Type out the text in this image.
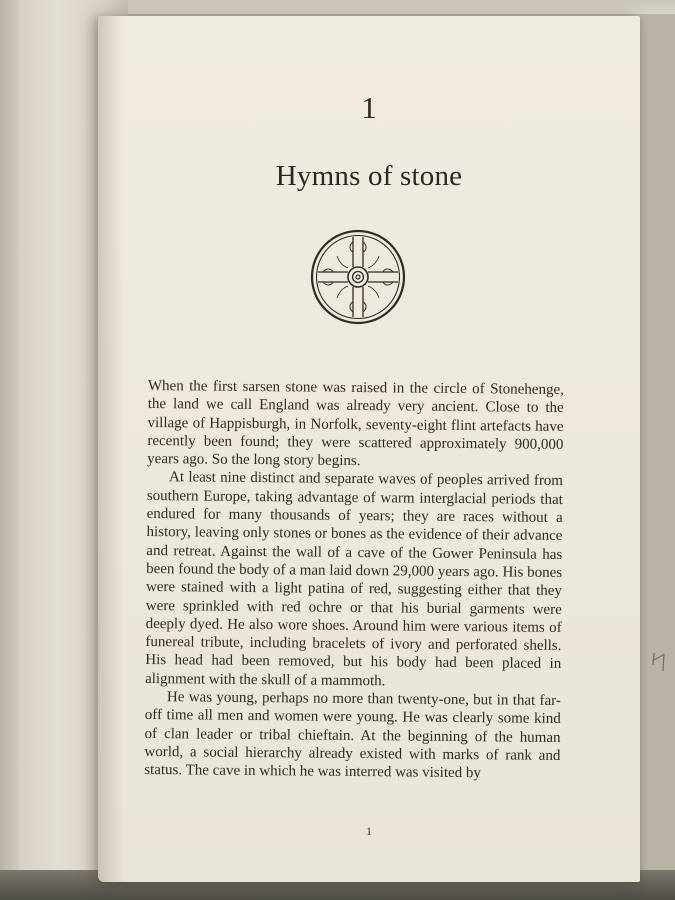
1
Hymns of stone

When the first sarsen stone was raised in the circle of Stonehenge, the land we call England was already very ancient. Close to the village of Happisburgh, in Norfolk, seventy-eight flint artefacts have recently been found; they were scattered approximately 900,000 years ago. So the long story begins.

At least nine distinct and separate waves of peoples arrived from southern Europe, taking advantage of warm interglacial periods that endured for many thousands of years; they are races without a history, leaving only stones or bones as the evidence of their advance and retreat. Against the wall of a cave of the Gower Peninsula has been found the body of a man laid down 29,000 years ago. His bones were stained with a light patina of red, suggesting either that they were sprinkled with red ochre or that his burial garments were deeply dyed. He also wore shoes. Around him were various items of funereal tribute, including bracelets of ivory and perforated shells. His head had been removed, but his body had been placed in alignment with the skull of a mammoth.

He was young, perhaps no more than twenty-one, but in that far-off time all men and women were young. He was clearly some kind of clan leader or tribal chieftain. At the beginning of the human world, a social hierarchy already existed with marks of rank and status. The cave in which he was interred was visited by

1
